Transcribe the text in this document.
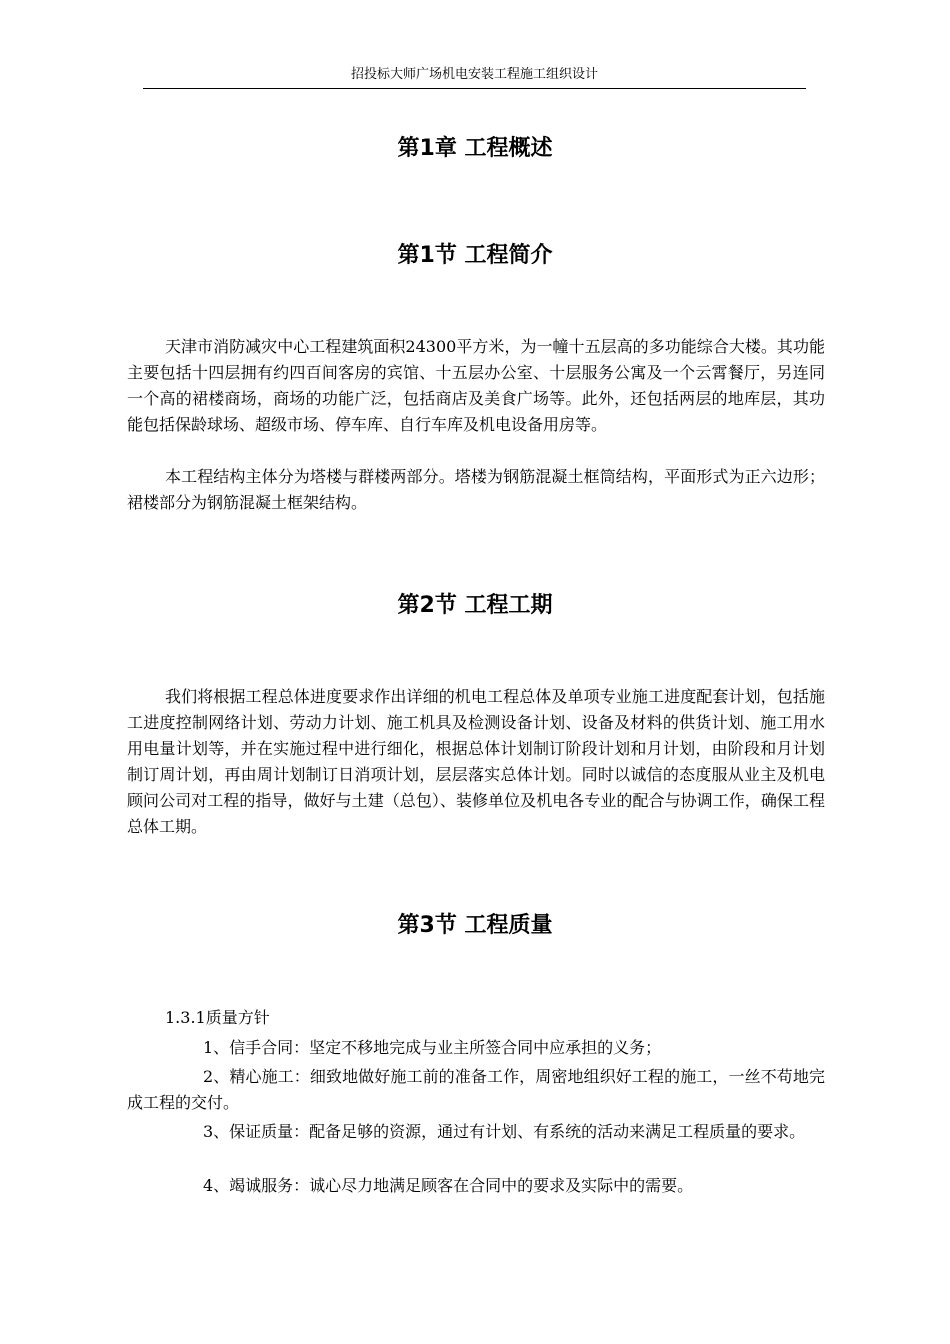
招投标大师广场机电安装工程施工组织设计
第1章 工程概述
第1节 工程简介
天津市消防减灾中心工程建筑面积24300平方米，为一幢十五层高的多功能综合大楼。其功能主要包括十四层拥有约四百间客房的宾馆、十五层办公室、十层服务公寓及一个云霄餐厅，另连同一个高的裙楼商场，商场的功能广泛，包括商店及美食广场等。此外，还包括两层的地库层，其功能包括保龄球场、超级市场、停车库、自行车库及机电设备用房等。
本工程结构主体分为塔楼与群楼两部分。塔楼为钢筋混凝土框筒结构，平面形式为正六边形；裙楼部分为钢筋混凝土框架结构。
第2节 工程工期
我们将根据工程总体进度要求作出详细的机电工程总体及单项专业施工进度配套计划，包括施工进度控制网络计划、劳动力计划、施工机具及检测设备计划、设备及材料的供货计划、施工用水用电量计划等，并在实施过程中进行细化，根据总体计划制订阶段计划和月计划，由阶段和月计划制订周计划，再由周计划制订日消项计划，层层落实总体计划。同时以诚信的态度服从业主及机电顾问公司对工程的指导，做好与土建（总包）、装修单位及机电各专业的配合与协调工作，确保工程总体工期。
第3节 工程质量
1.3.1质量方针
1、信手合同：坚定不移地完成与业主所签合同中应承担的义务；
2、精心施工：细致地做好施工前的准备工作，周密地组织好工程的施工，一丝不苟地完成工程的交付。
3、保证质量：配备足够的资源，通过有计划、有系统的活动来满足工程质量的要求。
4、竭诚服务：诚心尽力地满足顾客在合同中的要求及实际中的需要。
